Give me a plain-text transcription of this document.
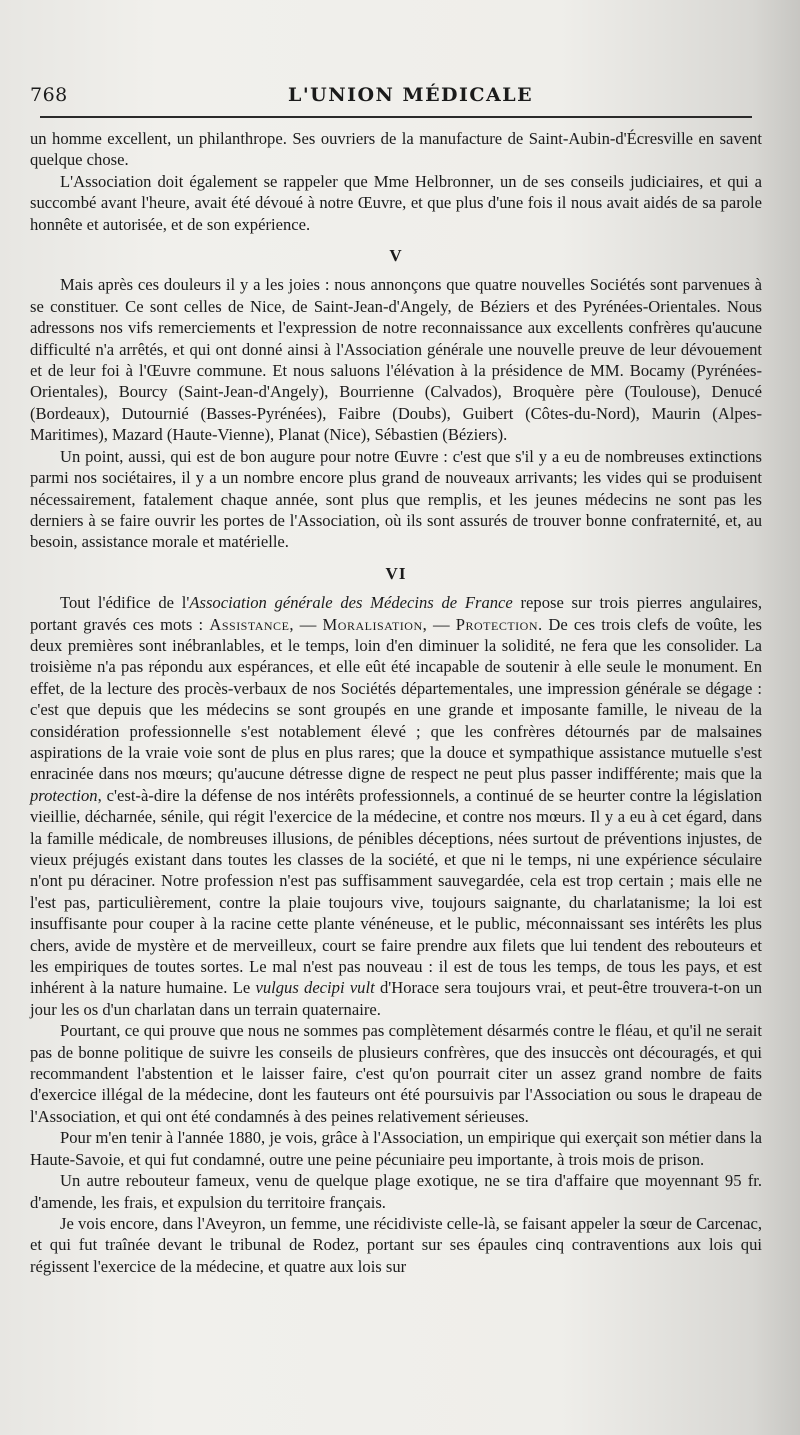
768	L'UNION MÉDICALE

un homme excellent, un philanthrope. Ses ouvriers de la manufacture de Saint-Aubin-d'Écresville en savent quelque chose.

L'Association doit également se rappeler que Mme Helbronner, un de ses conseils judiciaires, et qui a succombé avant l'heure, avait été dévoué à notre Œuvre, et que plus d'une fois il nous avait aidés de sa parole honnête et autorisée, et de son expérience.

V

Mais après ces douleurs il y a les joies : nous annonçons que quatre nouvelles Sociétés sont parvenues à se constituer. Ce sont celles de Nice, de Saint-Jean-d'Angely, de Béziers et des Pyrénées-Orientales. Nous adressons nos vifs remerciements et l'expression de notre reconnaissance aux excellents confrères qu'aucune difficulté n'a arrêtés, et qui ont donné ainsi à l'Association générale une nouvelle preuve de leur dévouement et de leur foi à l'Œuvre commune. Et nous saluons l'élévation à la présidence de MM. Bocamy (Pyrénées-Orientales), Bourcy (Saint-Jean-d'Angely), Bourrienne (Calvados), Broquère père (Toulouse), Denucé (Bordeaux), Dutournié (Basses-Pyrénées), Faibre (Doubs), Guibert (Côtes-du-Nord), Maurin (Alpes-Maritimes), Mazard (Haute-Vienne), Planat (Nice), Sébastien (Béziers).

Un point, aussi, qui est de bon augure pour notre Œuvre : c'est que s'il y a eu de nombreuses extinctions parmi nos sociétaires, il y a un nombre encore plus grand de nouveaux arrivants; les vides qui se produisent nécessairement, fatalement chaque année, sont plus que remplis, et les jeunes médecins ne sont pas les derniers à se faire ouvrir les portes de l'Association, où ils sont assurés de trouver bonne confraternité, et, au besoin, assistance morale et matérielle.

VI

Tout l'édifice de l'Association générale des Médecins de France repose sur trois pierres angulaires, portant gravés ces mots : Assistance, — Moralisation, — Protection. De ces trois clefs de voûte, les deux premières sont inébranlables, et le temps, loin d'en diminuer la solidité, ne fera que les consolider. La troisième n'a pas répondu aux espérances, et elle eût été incapable de soutenir à elle seule le monument. En effet, de la lecture des procès-verbaux de nos Sociétés départementales, une impression générale se dégage : c'est que depuis que les médecins se sont groupés en une grande et imposante famille, le niveau de la considération professionnelle s'est notablement élevé ; que les confrères détournés par de malsaines aspirations de la vraie voie sont de plus en plus rares; que la douce et sympathique assistance mutuelle s'est enracinée dans nos mœurs; qu'aucune détresse digne de respect ne peut plus passer indifférente; mais que la protection, c'est-à-dire la défense de nos intérêts professionnels, a continué de se heurter contre la législation vieillie, décharnée, sénile, qui régit l'exercice de la médecine, et contre nos mœurs. Il y a eu à cet égard, dans la famille médicale, de nombreuses illusions, de pénibles déceptions, nées surtout de préventions injustes, de vieux préjugés existant dans toutes les classes de la société, et que ni le temps, ni une expérience séculaire n'ont pu déraciner. Notre profession n'est pas suffisamment sauvegardée, cela est trop certain ; mais elle ne l'est pas, particulièrement, contre la plaie toujours vive, toujours saignante, du charlatanisme; la loi est insuffisante pour couper à la racine cette plante vénéneuse, et le public, méconnaissant ses intérêts les plus chers, avide de mystère et de merveilleux, court se faire prendre aux filets que lui tendent des rebouteurs et les empiriques de toutes sortes. Le mal n'est pas nouveau : il est de tous les temps, de tous les pays, et est inhérent à la nature humaine. Le vulgus decipi vult d'Horace sera toujours vrai, et peut-être trouvera-t-on un jour les os d'un charlatan dans un terrain quaternaire.

Pourtant, ce qui prouve que nous ne sommes pas complètement désarmés contre le fléau, et qu'il ne serait pas de bonne politique de suivre les conseils de plusieurs confrères, que des insuccès ont découragés, et qui recommandent l'abstention et le laisser faire, c'est qu'on pourrait citer un assez grand nombre de faits d'exercice illégal de la médecine, dont les fauteurs ont été poursuivis par l'Association ou sous le drapeau de l'Association, et qui ont été condamnés à des peines relativement sérieuses.

Pour m'en tenir à l'année 1880, je vois, grâce à l'Association, un empirique qui exerçait son métier dans la Haute-Savoie, et qui fut condamné, outre une peine pécuniaire peu importante, à trois mois de prison.

Un autre rebouteur fameux, venu de quelque plage exotique, ne se tira d'affaire que moyennant 95 fr. d'amende, les frais, et expulsion du territoire français.

Je vois encore, dans l'Aveyron, un femme, une récidiviste celle-là, se faisant appeler la sœur de Carcenac, et qui fut traînée devant le tribunal de Rodez, portant sur ses épaules cinq contraventions aux lois qui régissent l'exercice de la médecine, et quatre aux lois sur
